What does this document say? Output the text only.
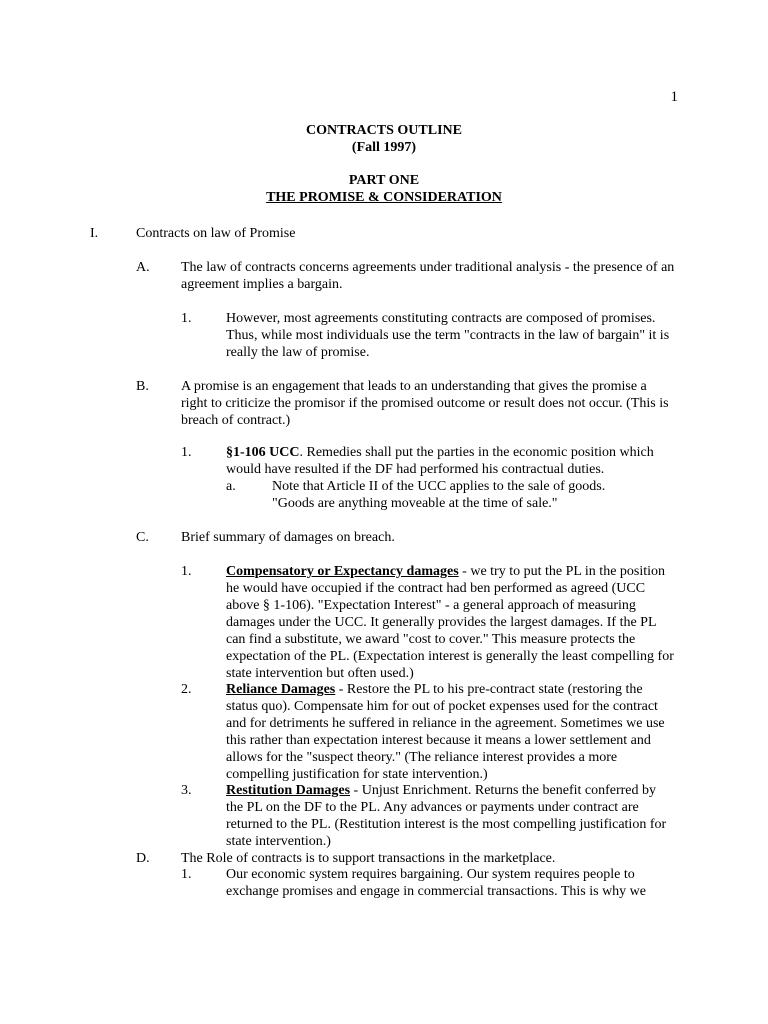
1
CONTRACTS OUTLINE
(Fall 1997)
PART ONE
THE PROMISE & CONSIDERATION
I.	Contracts on law of Promise
A. The law of contracts concerns agreements under traditional analysis - the presence of an agreement implies a bargain.
1. However, most agreements constituting contracts are composed of promises. Thus, while most individuals use the term "contracts in the law of bargain" it is really the law of promise.
B. A promise is an engagement that leads to an understanding that gives the promise a right to criticize the promisor if the promised outcome or result does not occur. (This is breach of contract.)
1. §1-106 UCC. Remedies shall put the parties in the economic position which would have resulted if the DF had performed his contractual duties.
a.	Note that Article II of the UCC applies to the sale of goods.
"Goods are anything moveable at the time of sale."
C. Brief summary of damages on breach.
1. Compensatory or Expectancy damages - we try to put the PL in the position he would have occupied if the contract had ben performed as agreed (UCC above § 1-106). "Expectation Interest" - a general approach of measuring damages under the UCC. It generally provides the largest damages. If the PL can find a substitute, we award "cost to cover." This measure protects the expectation of the PL. (Expectation interest is generally the least compelling for state intervention but often used.)
2. Reliance Damages - Restore the PL to his pre-contract state (restoring the status quo). Compensate him for out of pocket expenses used for the contract and for detriments he suffered in reliance in the agreement. Sometimes we use this rather than expectation interest because it means a lower settlement and allows for the "suspect theory." (The reliance interest provides a more compelling justification for state intervention.)
3. Restitution Damages - Unjust Enrichment. Returns the benefit conferred by the PL on the DF to the PL. Any advances or payments under contract are returned to the PL. (Restitution interest is the most compelling justification for state intervention.)
D. The Role of contracts is to support transactions in the marketplace.
1. Our economic system requires bargaining. Our system requires people to exchange promises and engage in commercial transactions. This is why we
